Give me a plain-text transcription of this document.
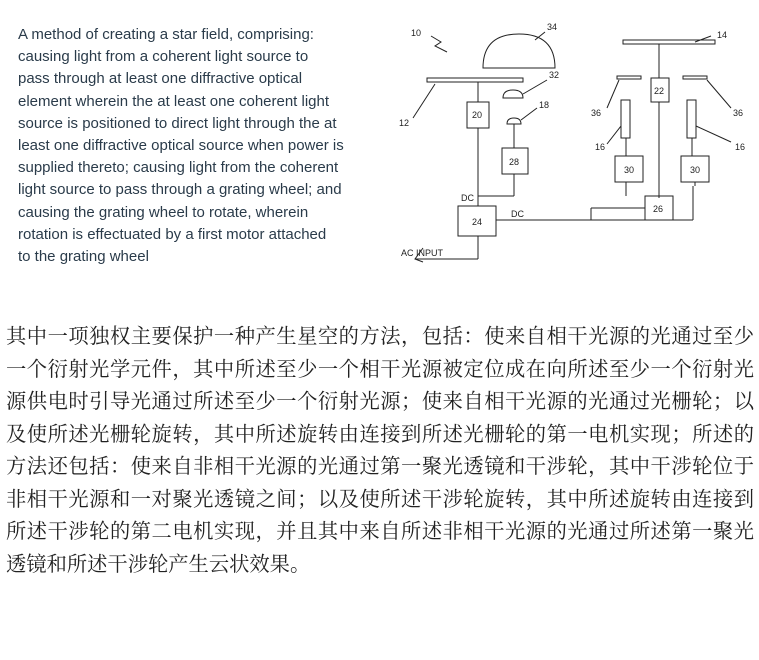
A method of creating a star field, comprising:
causing light from a coherent light source to
pass through at least one diffractive optical
element wherein the at least one coherent light
source is positioned to direct light through the at
least one diffractive optical source when power is
supplied thereto; causing light from the coherent
light source to pass through a grating wheel; and
causing the grating wheel to rotate, wherein
rotation is effectuated by a first motor attached
to the grating wheel
10
34
14
32
12
18
20
22
36	36
16	16
28
30	30
26
24
DC
DC
AC INPUT
其中一项独权主要保护一种产生星空的方法，包括：使来自相干光源的光通过至少一个衍射光学元件，其中所述至少一个相干光源被定位成在向所述至少一个衍射光源供电时引导光通过所述至少一个衍射光源；使来自相干光源的光通过光栅轮；以及使所述光栅轮旋转，其中所述旋转由连接到所述光栅轮的第一电机实现；所述的方法还包括：使来自非相干光源的光通过第一聚光透镜和干涉轮，其中干涉轮位于非相干光源和一对聚光透镜之间；以及使所述干涉轮旋转，其中所述旋转由连接到所述干涉轮的第二电机实现，并且其中来自所述非相干光源的光通过所述第一聚光透镜和所述干涉轮产生云状效果。
